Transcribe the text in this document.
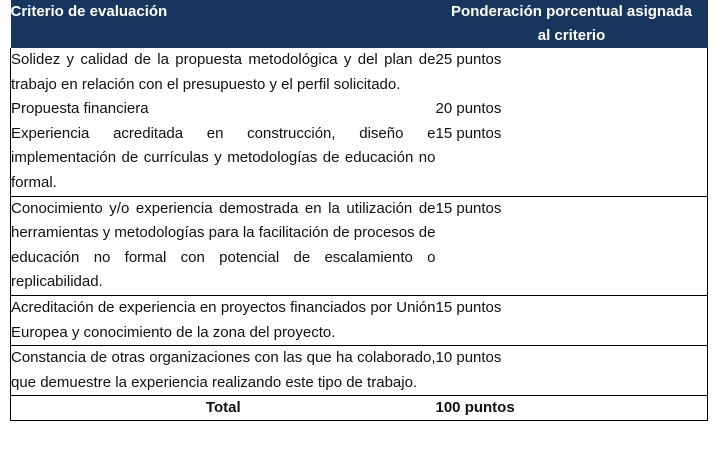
Criterio de evaluación	Ponderación porcentual asignada
al criterio
Solidez y calidad de la propuesta metodológica y del plan de trabajo en relación con el presupuesto y el perfil solicitado.	25 puntos
Propuesta financiera	20 puntos
Experiencia acreditada en construcción, diseño e implementación de currículas y metodologías de educación no formal.	15 puntos
Conocimiento y/o experiencia demostrada en la utilización de herramientas y metodologías para la facilitación de procesos de educación no formal con potencial de escalamiento o replicabilidad.	15 puntos
Acreditación de experiencia en proyectos financiados por Unión Europea y conocimiento de la zona del proyecto.	15 puntos
Constancia de otras organizaciones con las que ha colaborado, que demuestre la experiencia realizando este tipo de trabajo.	10 puntos
Total	100 puntos
